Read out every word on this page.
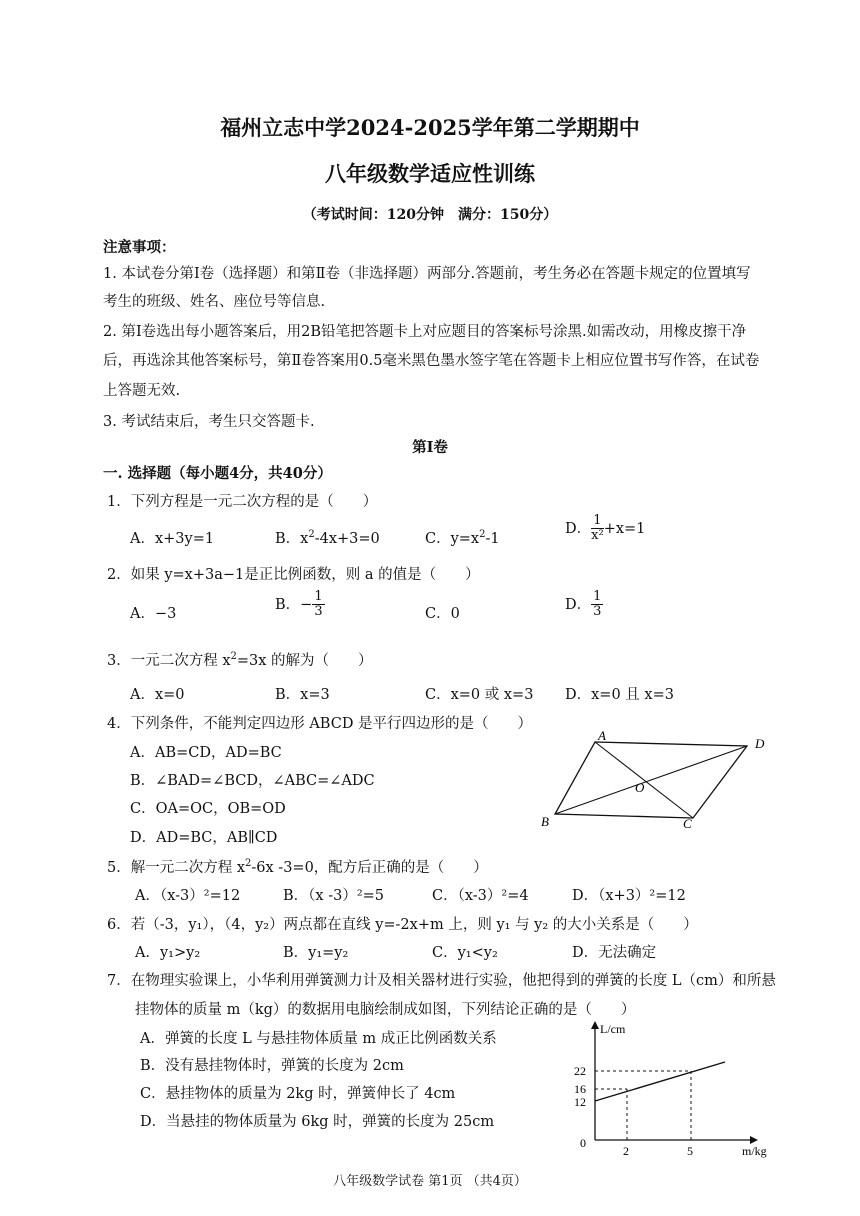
福州立志中学2024-2025学年第二学期期中
八年级数学适应性训练
（考试时间：120分钟　满分：150分）
注意事项：
1. 本试卷分第Ⅰ卷（选择题）和第Ⅱ卷（非选择题）两部分.答题前，考生务必在答题卡规定的位置填写
考生的班级、姓名、座位号等信息.
2. 第Ⅰ卷选出每小题答案后，用2B铅笔把答题卡上对应题目的答案标号涂黑.如需改动，用橡皮擦干净
后，再选涂其他答案标号，第Ⅱ卷答案用0.5毫米黑色墨水签字笔在答题卡上相应位置书写作答，在试卷
上答题无效.
3. 考试结束后，考生只交答题卡.
第Ⅰ卷
一. 选择题（每小题4分，共40分）
1．下列方程是一元二次方程的是（　　）
A．x+3y=1	B．$x^2-4x+3=0$	C．$y=x^2-1$
D． $\frac{1}{\text{x²}} +x=1$
2．如果 y=x+3a−1是正比例函数，则 a 的值是（　　）
A．−3
B．− $\frac{1}{3}$	C．0
D． $\frac{1}{3}$
3．一元二次方程 $x^2=3x$ 的解为（　　）
A．x=0	B．x=3	C．x=0 或 x=3 D．x=0 且 x=3
4．下列条件，不能判定四边形 ABCD 是平行四边形的是（　　）
A．AB=CD，AD=BC
B．∠BAD=∠BCD，∠ABC=∠ADC
C．OA=OC，OB=OD
D．AD=BC，AB∥CD
A
D
O
B	C
5．解一元二次方程 $x^2-6x$ -3=0，配方后正确的是（　　）
A．（x-3）²=12	B．（x -3）²=5	C．（x-3）²=4	D．（x+3）²=12
6．若（-3，y₁），（4，y₂）两点都在直线 y=-2x+m 上，则 y₁ 与 y₂ 的大小关系是（　　）
A．y₁>y₂	B．y₁=y₂	C．y₁<y₂	D．无法确定
7．在物理实验课上，小华利用弹簧测力计及相关器材进行实验，他把得到的弹簧的长度 L（cm）和所悬
挂物体的质量 m（kg）的数据用电脑绘制成如图，下列结论正确的是（　　）
A．弹簧的长度 L 与悬挂物体质量 m 成正比例函数关系
B．没有悬挂物体时，弹簧的长度为 2cm
C．悬挂物体的质量为 2kg 时，弹簧伸长了 4cm
D．当悬挂的物体质量为 6kg 时，弹簧的长度为 25cm
L/cm
m/kg
0
22
16
12
2	5
八年级数学试卷 第1页 （共4页）
